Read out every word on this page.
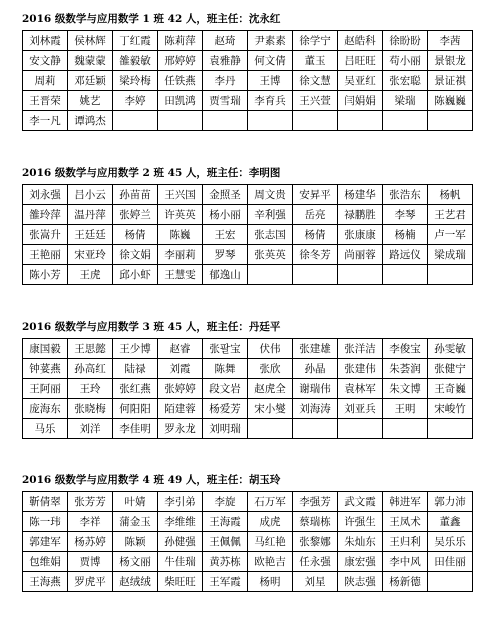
2016 级数学与应用数学 1 班 42 人，班主任：沈永红
刘林霞	侯林辉	丁红霞	陈莉萍	赵琦	尹素素	徐学宁	赵皓科	徐盼盼	李茜
安文静	魏蒙蒙	雒毅敏	邢婷婷	袁雅静	何文倩	董玉	吕旺旺	苟小丽	景银龙
周莉	邓廷颖	梁玲梅	任铁燕	李丹	王博	徐文慧	吴亚红	张宏聪	景证祺
王晋荣	姚艺	李婷	田凯鸿	贾雪瑞	李育兵	王兴萱	闫娟娟	梁瑞	陈巍巍
李一凡	谭鸿杰								
2016 级数学与应用数学 2 班 45 人，班主任：李明图
刘永强	吕小云	孙苗苗	王兴国	金照圣	周文贵	安昇平	杨建华	张浩东	杨帆
雒玲萍	温丹萍	张婷兰	许英英	杨小丽	辛利强	岳亮	禄鹏胜	李琴	王艺君
张嵩升	王廷廷	杨倩	陈巍	王宏	张志国	杨倩	张康康	杨楠	卢一军
王艳丽	宋亚玲	徐文娟	李丽莉	罗琴	张英英	徐冬芳	尚丽蓉	路远仪	梁成瑞
陈小芳	王虎	邱小虾	王慧雯	郁逸山					
2016 级数学与应用数学 3 班 45 人，班主任：丹廷平
康国毅	王思懿	王少博	赵睿	张팔宝	伏伟	张建雄	张洋洁	李俊宝	孙雯敏
钟荽燕	孙高红	陆禄	刘霞	陈舞	张欣	孙晶	张建伟	朱荟润	张健宁
王阿丽	王玲	张红燕	张婷婷	段文岩	赵虎全	谢瑞伟	袁林军	朱文博	王奇巍
庞海东	张晓梅	何阳阳	陌建蓉	杨爱芳	宋小燮	刘海涛	刘亚兵	王明	宋峻竹
马乐	刘洋	李佳明	罗永龙	刘明瑞					
2016 级数学与应用数学 4 班 49 人，班主任：胡玉玲
靳倩翠	张芳芳	叶婧	李引弟	李旋	石万军	李强芳	武文霞	韩进军	郭力沛
陈一玮	李祥	蒲金玉	李维维	王海霞	成虎	蔡瑞栋	许强生	王凤术	董鑫
郭建军	杨苏婷	陈颖	孙健强	王佩佩	马红艳	张黎娜	朱灿东	王归利	吴乐乐
包维娟	贾博	杨文丽	牛佳瑞	黄苏栋	欧艳吉	任永强	康宏强	李中风	田佳丽
王海燕	罗虎平	赵绒绒	柴旺旺	王军霞	杨明	刘星	陕志强	杨新德	
